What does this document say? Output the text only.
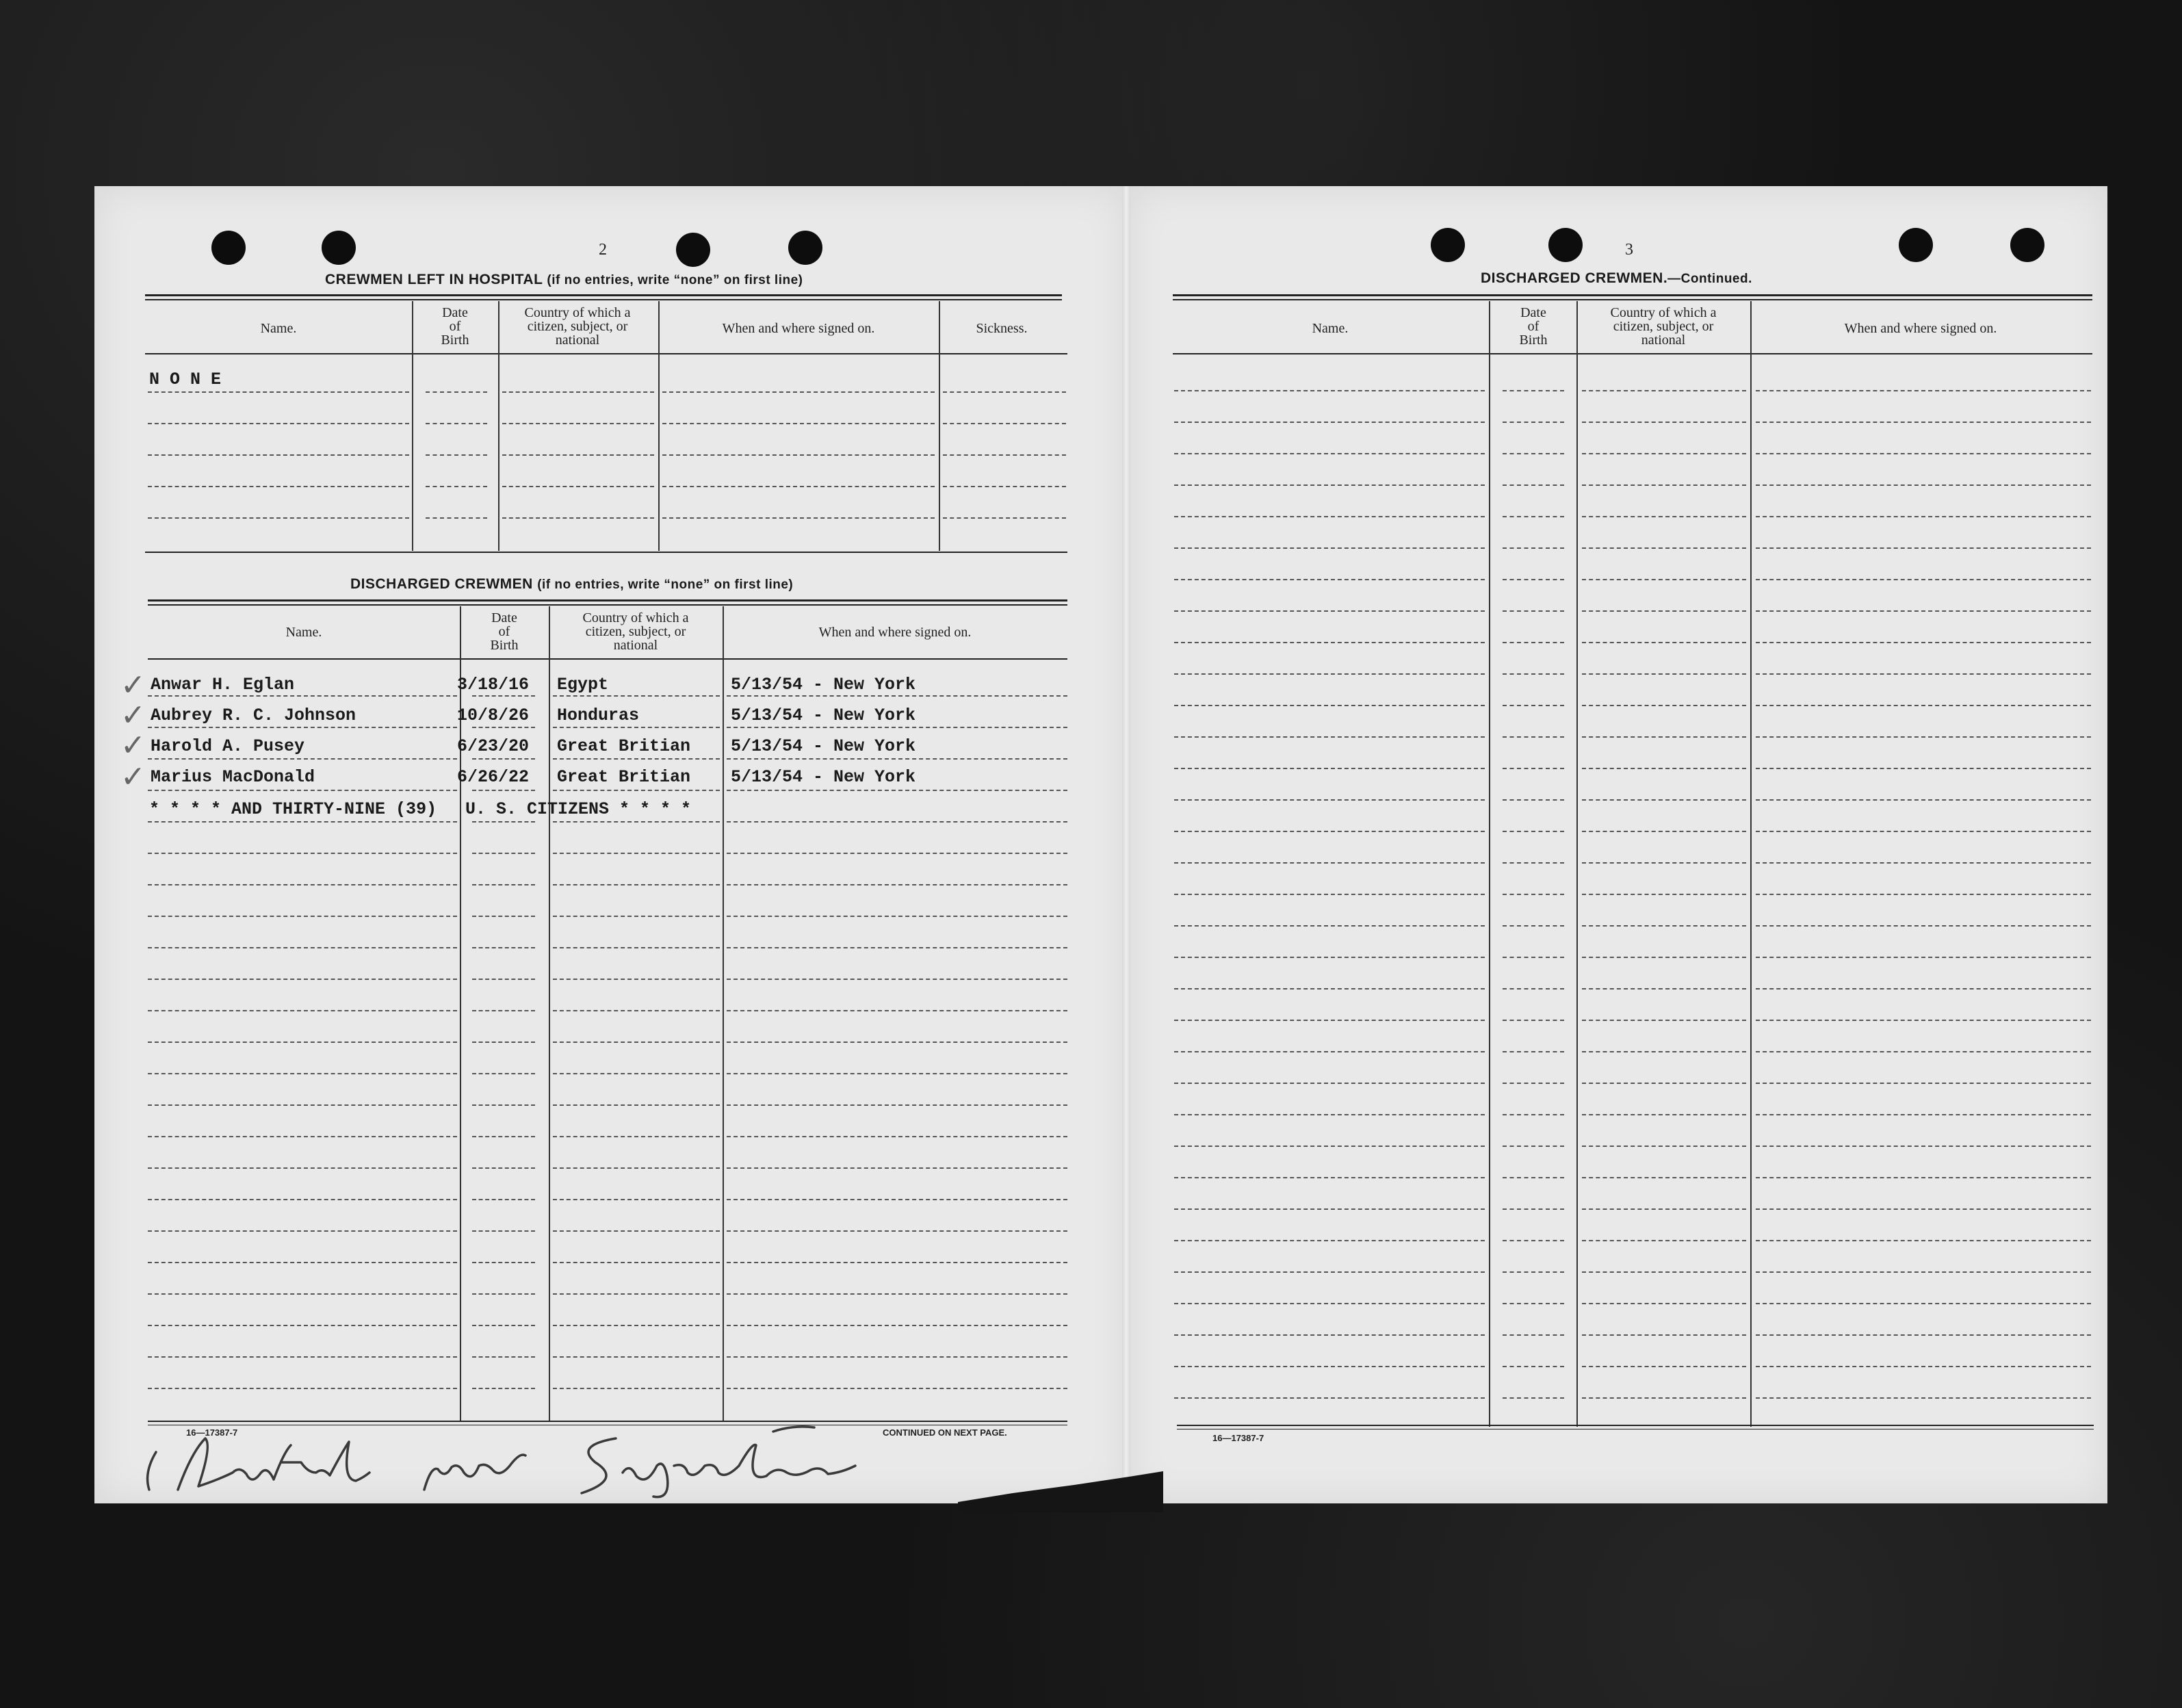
2
CREWMEN LEFT IN HOSPITAL (if no entries, write “none” on first line)
Name.
Date
of
Birth
Country of which a
citizen, subject, or
national
When and where signed on.	Sickness.
N O N E
DISCHARGED CREWMEN (if no entries, write “none” on first line)
Name.
Date
of
Birth
Country of which a
citizen, subject, or
national
When and where signed on.
✓
✓
✓
✓
Anwar H. Eglan	3/18/16 Egypt	5/13/54 - New York
Aubrey R. C. Johnson	10/8/26 Honduras	5/13/54 - New York
Harold A. Pusey	6/23/20 Great Britian 5/13/54 - New York
Marius MacDonald	6/26/22 Great Britian 5/13/54 - New York
* * * * AND THIRTY-NINE (39) U. S. CITIZENS * * * *
16—17387-7	CONTINUED ON NEXT PAGE.
3
DISCHARGED CREWMEN.—Continued.
Name.
Date
of
Birth
Country of which a
citizen, subject, or
national
When and where signed on.
16—17387-7
